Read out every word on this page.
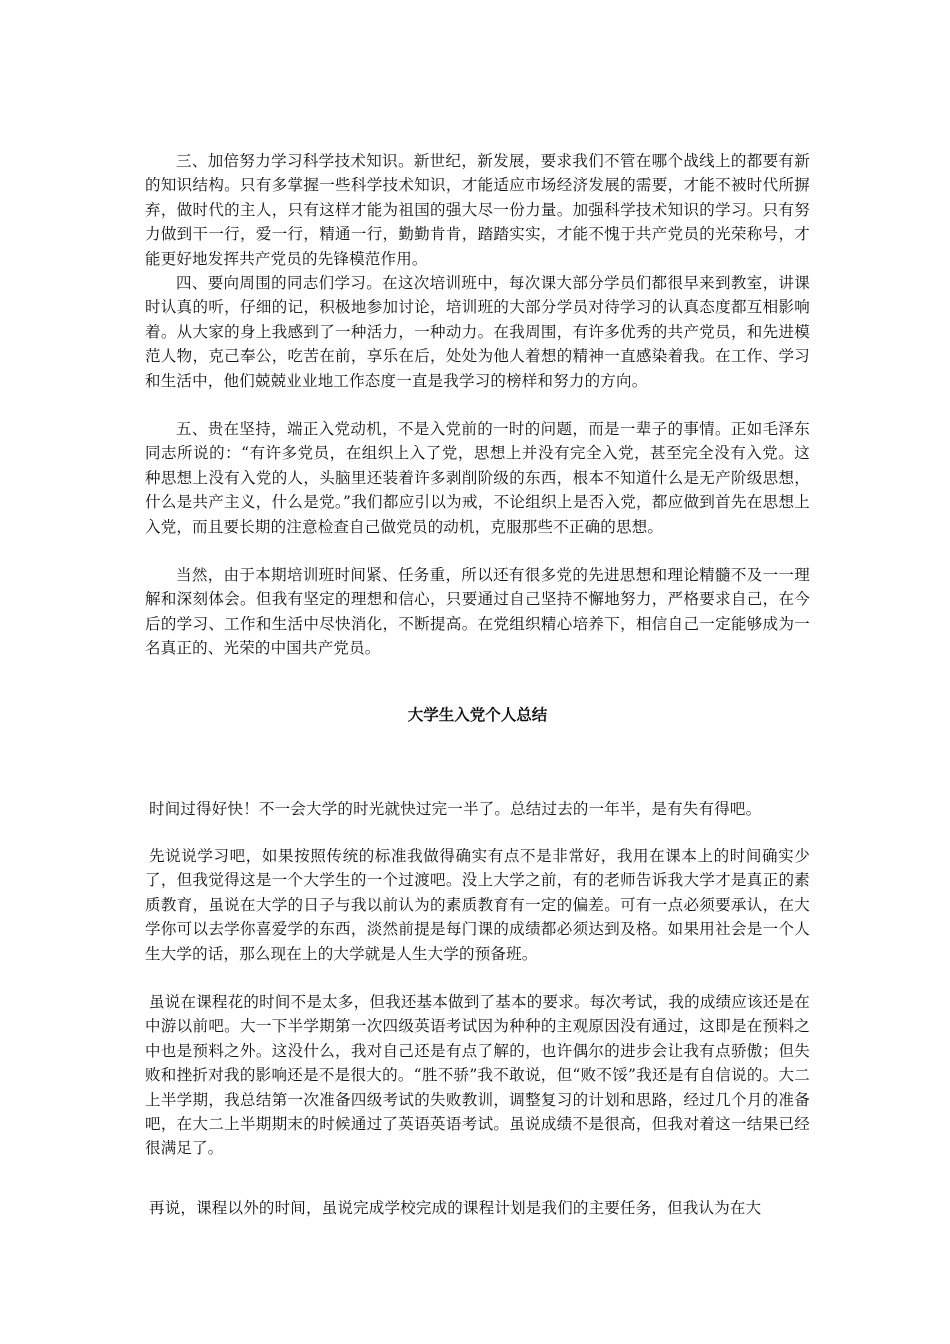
三、加倍努力学习科学技术知识。新世纪，新发展，要求我们不管在哪个战线上的都要有新的知识结构。只有多掌握一些科学技术知识，才能适应市场经济发展的需要，才能不被时代所摒弃，做时代的主人，只有这样才能为祖国的强大尽一份力量。加强科学技术知识的学习。只有努力做到干一行，爱一行，精通一行，勤勤肯肯，踏踏实实，才能不愧于共产党员的光荣称号，才能更好地发挥共产党员的先锋模范作用。

四、要向周围的同志们学习。在这次培训班中，每次课大部分学员们都很早来到教室，讲课时认真的听，仔细的记，积极地参加讨论，培训班的大部分学员对待学习的认真态度都互相影响着。从大家的身上我感到了一种活力，一种动力。在我周围，有许多优秀的共产党员，和先进模范人物，克己奉公，吃苦在前，享乐在后，处处为他人着想的精神一直感染着我。在工作、学习和生活中，他们兢兢业业地工作态度一直是我学习的榜样和努力的方向。

五、贵在坚持，端正入党动机，不是入党前的一时的问题，而是一辈子的事情。正如毛泽东同志所说的：“有许多党员，在组织上入了党，思想上并没有完全入党，甚至完全没有入党。这种思想上没有入党的人，头脑里还装着许多剥削阶级的东西，根本不知道什么是无产阶级思想，什么是共产主义，什么是党。”我们都应引以为戒，不论组织上是否入党，都应做到首先在思想上入党，而且要长期的注意检查自己做党员的动机，克服那些不正确的思想。

当然，由于本期培训班时间紧、任务重，所以还有很多党的先进思想和理论精髓不及一一理解和深刻体会。但我有坚定的理想和信心，只要通过自己坚持不懈地努力，严格要求自己，在今后的学习、工作和生活中尽快消化，不断提高。在党组织精心培养下，相信自己一定能够成为一名真正的、光荣的中国共产党员。

大学生入党个人总结

时间过得好快！不一会大学的时光就快过完一半了。总结过去的一年半，是有失有得吧。

先说说学习吧，如果按照传统的标准我做得确实有点不是非常好，我用在课本上的时间确实少了，但我觉得这是一个大学生的一个过渡吧。没上大学之前，有的老师告诉我大学才是真正的素质教育，虽说在大学的日子与我以前认为的素质教育有一定的偏差。可有一点必须要承认，在大学你可以去学你喜爱学的东西，淡然前提是每门课的成绩都必须达到及格。如果用社会是一个人生大学的话，那么现在上的大学就是人生大学的预备班。

虽说在课程花的时间不是太多，但我还基本做到了基本的要求。每次考试，我的成绩应该还是在中游以前吧。大一下半学期第一次四级英语考试因为种种的主观原因没有通过，这即是在预料之中也是预料之外。这没什么，我对自己还是有点了解的，也许偶尔的进步会让我有点骄傲；但失败和挫折对我的影响还是不是很大的。“胜不骄”我不敢说，但“败不馁”我还是有自信说的。大二上半学期，我总结第一次准备四级考试的失败教训，调整复习的计划和思路，经过几个月的准备吧，在大二上半期期末的时候通过了英语英语考试。虽说成绩不是很高，但我对着这一结果已经很满足了。

再说，课程以外的时间，虽说完成学校完成的课程计划是我们的主要任务，但我认为在大
